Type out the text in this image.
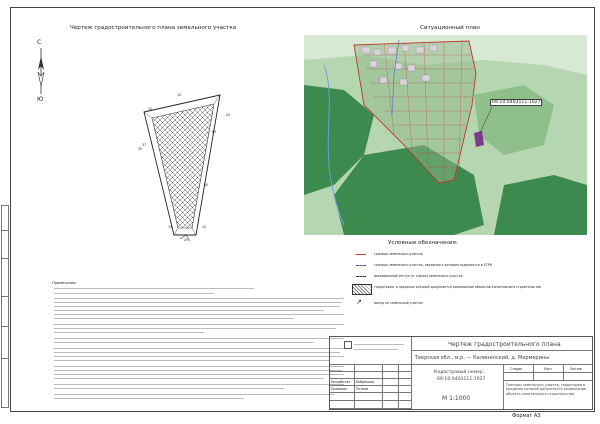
Чертеж градостроительного плана земельного участка
С
Ю
15
15
80
37
20
15
15
80
35
20
Ситуационный план
69:10:0403111:1027
Условные обозначения:
граница земельного участка
граница земельного участка, сведения о котором содержатся в ЕГРН
минимальный отступ от границ земельного участка
территория, в пределах которой допускается размещение объектов капитального строительства
↗	въезд на земельный участок
Примечания:
Разработал Бобрикова
Проверил	Петров
Чертеж градостроительного плана
Тверская обл., м.р. — Калининский, д. Мермерины
Кадастровый номер
69:10:0403111:1027
М 1:1000
Стадия	Лист	Листов
Границы земельного участка, территория в пределах которой допускается размещение объекта капитального строительства
Формат А3
